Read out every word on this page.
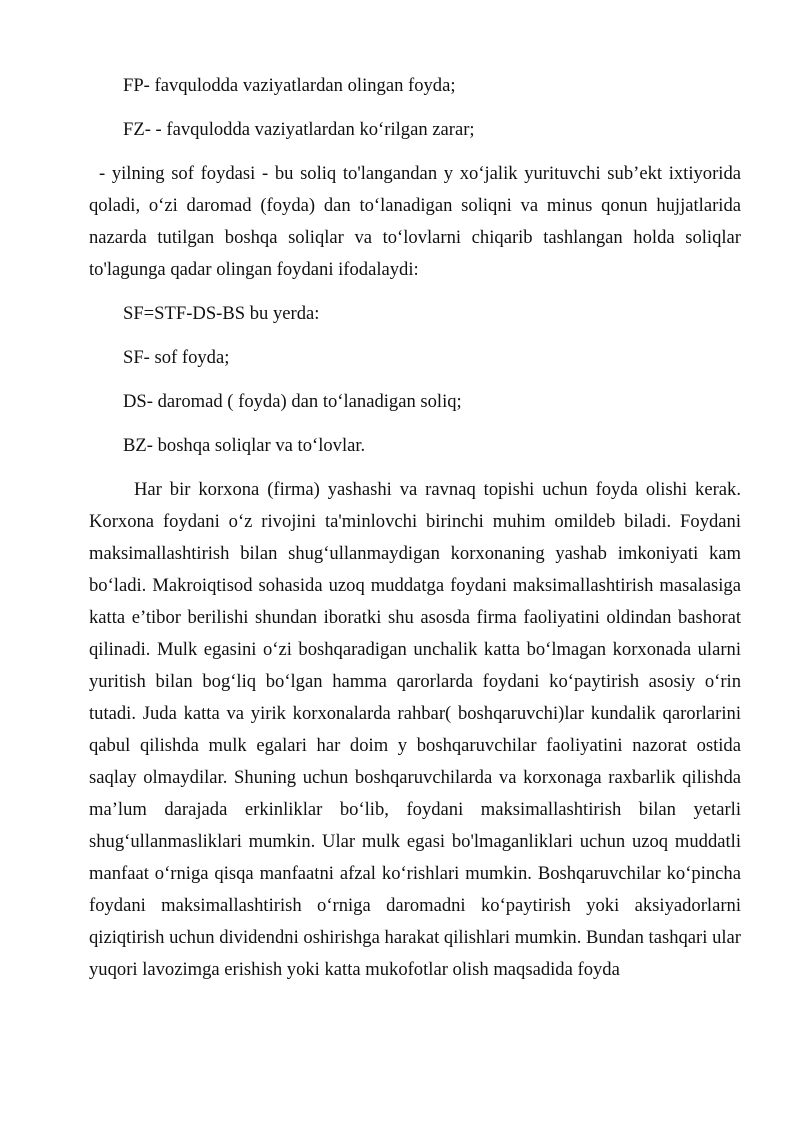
FP- favqulodda vaziyatlardan olingan foyda;

FZ- - favqulodda vaziyatlardan ko‘rilgan zarar;

- yilning sof foydasi - bu soliq to'langandan y xo‘jalik yurituvchi sub’ekt ixtiyorida qoladi, o‘zi daromad (foyda) dan to‘lanadigan soliqni va minus qonun hujjatlarida nazarda tutilgan boshqa soliqlar va to‘lovlarni chiqarib tashlangan holda soliqlar to'lagunga qadar olingan foydani ifodalaydi:

SF=STF-DS-BS bu yerda:

SF- sof foyda;

DS- daromad ( foyda) dan to‘lanadigan soliq;

BZ- boshqa soliqlar va to‘lovlar.

Har bir korxona (firma) yashashi va ravnaq topishi uchun foyda olishi kerak. Korxona foydani o‘z rivojini ta'minlovchi birinchi muhim omildeb biladi. Foydani maksimallashtirish bilan shug‘ullanmaydigan korxonaning yashab imkoniyati kam bo‘ladi. Makroiqtisod sohasida uzoq muddatga foydani maksimallashtirish masalasiga katta e’tibor berilishi shundan iboratki shu asosda firma faoliyatini oldindan bashorat qilinadi. Mulk egasini o‘zi boshqaradigan unchalik katta bo‘lmagan korxonada ularni yuritish bilan bog‘liq bo‘lgan hamma qarorlarda foydani ko‘paytirish asosiy o‘rin tutadi. Juda katta va yirik korxonalarda rahbar( boshqaruvchi)lar kundalik qarorlarini qabul qilishda mulk egalari har doim y boshqaruvchilar faoliyatini nazorat ostida saqlay olmaydilar. Shuning uchun boshqaruvchilarda va korxonaga raxbarlik qilishda ma’lum darajada erkinliklar bo‘lib, foydani maksimallashtirish bilan yetarli shug‘ullanmasliklari mumkin. Ular mulk egasi bo'lmaganliklari uchun uzoq muddatli manfaat o‘rniga qisqa manfaatni afzal ko‘rishlari mumkin. Boshqaruvchilar ko‘pincha foydani maksimallashtirish o‘rniga daromadni ko‘paytirish yoki aksiyadorlarni qiziqtirish uchun dividendni oshirishga harakat qilishlari mumkin. Bundan tashqari ular yuqori lavozimga erishish yoki katta mukofotlar olish maqsadida foyda
